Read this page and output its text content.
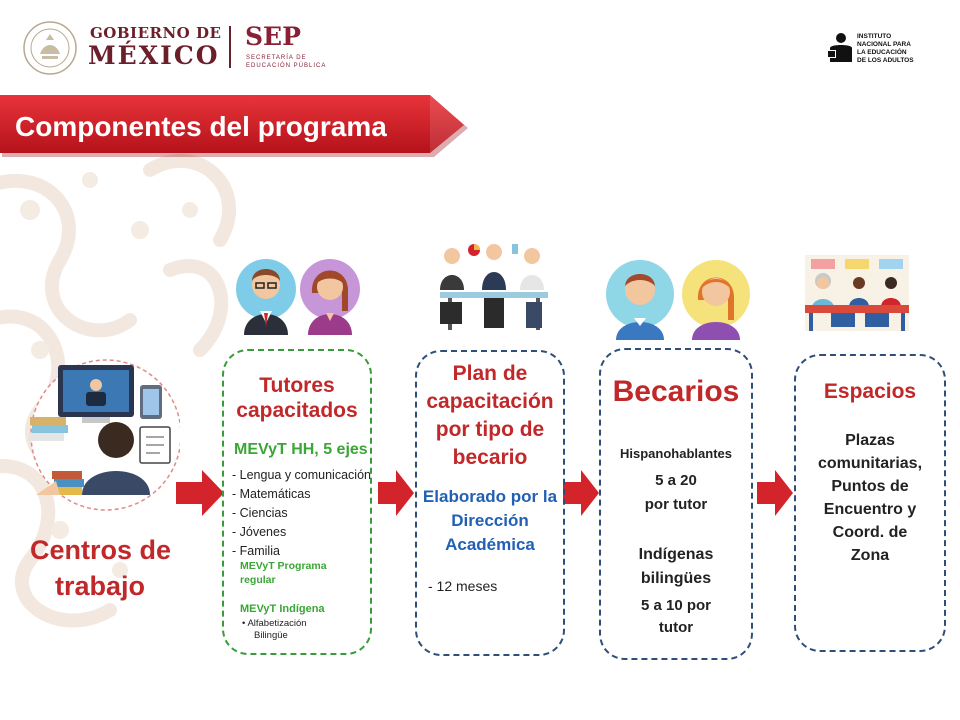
GOBIERNO DE
MÉXICO
SEP
SECRETARÍA DE
EDUCACIÓN PÚBLICA
INSTITUTO
NACIONAL PARA
LA EDUCACIÓN
DE LOS ADULTOS
Componentes del programa
Centros de
trabajo
Tutores
capacitados
MEVyT HH, 5 ejes
- Lengua y comunicación
- Matemáticas
- Ciencias
- Jóvenes
- Familia
MEVyT Programa
regular
MEVyT Indígena
• Alfabetización
Bilingüe
Plan de
capacitación
por tipo de
becario
Elaborado por la
Dirección
Académica
- 12 meses
Becarios
Hispanohablantes
5 a 20
por tutor
Indígenas
bilingües
5 a 10 por
tutor
Espacios
Plazas
comunitarias,
Puntos de
Encuentro y
Coord. de
Zona
